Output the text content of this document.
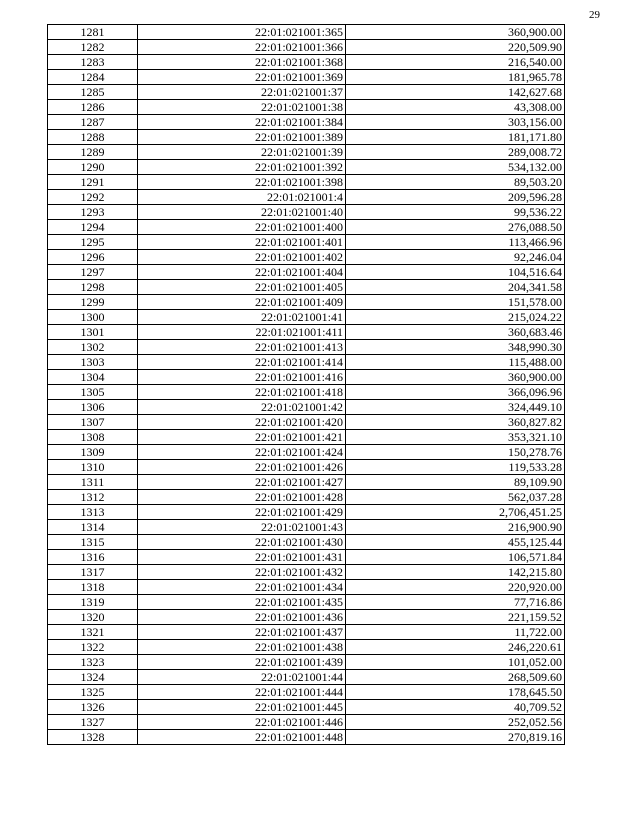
29
1281	22:01:021001:365	360,900.00
1282	22:01:021001:366	220,509.90
1283	22:01:021001:368	216,540.00
1284	22:01:021001:369	181,965.78
1285	22:01:021001:37	142,627.68
1286	22:01:021001:38	43,308.00
1287	22:01:021001:384	303,156.00
1288	22:01:021001:389	181,171.80
1289	22:01:021001:39	289,008.72
1290	22:01:021001:392	534,132.00
1291	22:01:021001:398	89,503.20
1292	22:01:021001:4	209,596.28
1293	22:01:021001:40	99,536.22
1294	22:01:021001:400	276,088.50
1295	22:01:021001:401	113,466.96
1296	22:01:021001:402	92,246.04
1297	22:01:021001:404	104,516.64
1298	22:01:021001:405	204,341.58
1299	22:01:021001:409	151,578.00
1300	22:01:021001:41	215,024.22
1301	22:01:021001:411	360,683.46
1302	22:01:021001:413	348,990.30
1303	22:01:021001:414	115,488.00
1304	22:01:021001:416	360,900.00
1305	22:01:021001:418	366,096.96
1306	22:01:021001:42	324,449.10
1307	22:01:021001:420	360,827.82
1308	22:01:021001:421	353,321.10
1309	22:01:021001:424	150,278.76
1310	22:01:021001:426	119,533.28
1311	22:01:021001:427	89,109.90
1312	22:01:021001:428	562,037.28
1313	22:01:021001:429	2,706,451.25
1314	22:01:021001:43	216,900.90
1315	22:01:021001:430	455,125.44
1316	22:01:021001:431	106,571.84
1317	22:01:021001:432	142,215.80
1318	22:01:021001:434	220,920.00
1319	22:01:021001:435	77,716.86
1320	22:01:021001:436	221,159.52
1321	22:01:021001:437	11,722.00
1322	22:01:021001:438	246,220.61
1323	22:01:021001:439	101,052.00
1324	22:01:021001:44	268,509.60
1325	22:01:021001:444	178,645.50
1326	22:01:021001:445	40,709.52
1327	22:01:021001:446	252,052.56
1328	22:01:021001:448	270,819.16
